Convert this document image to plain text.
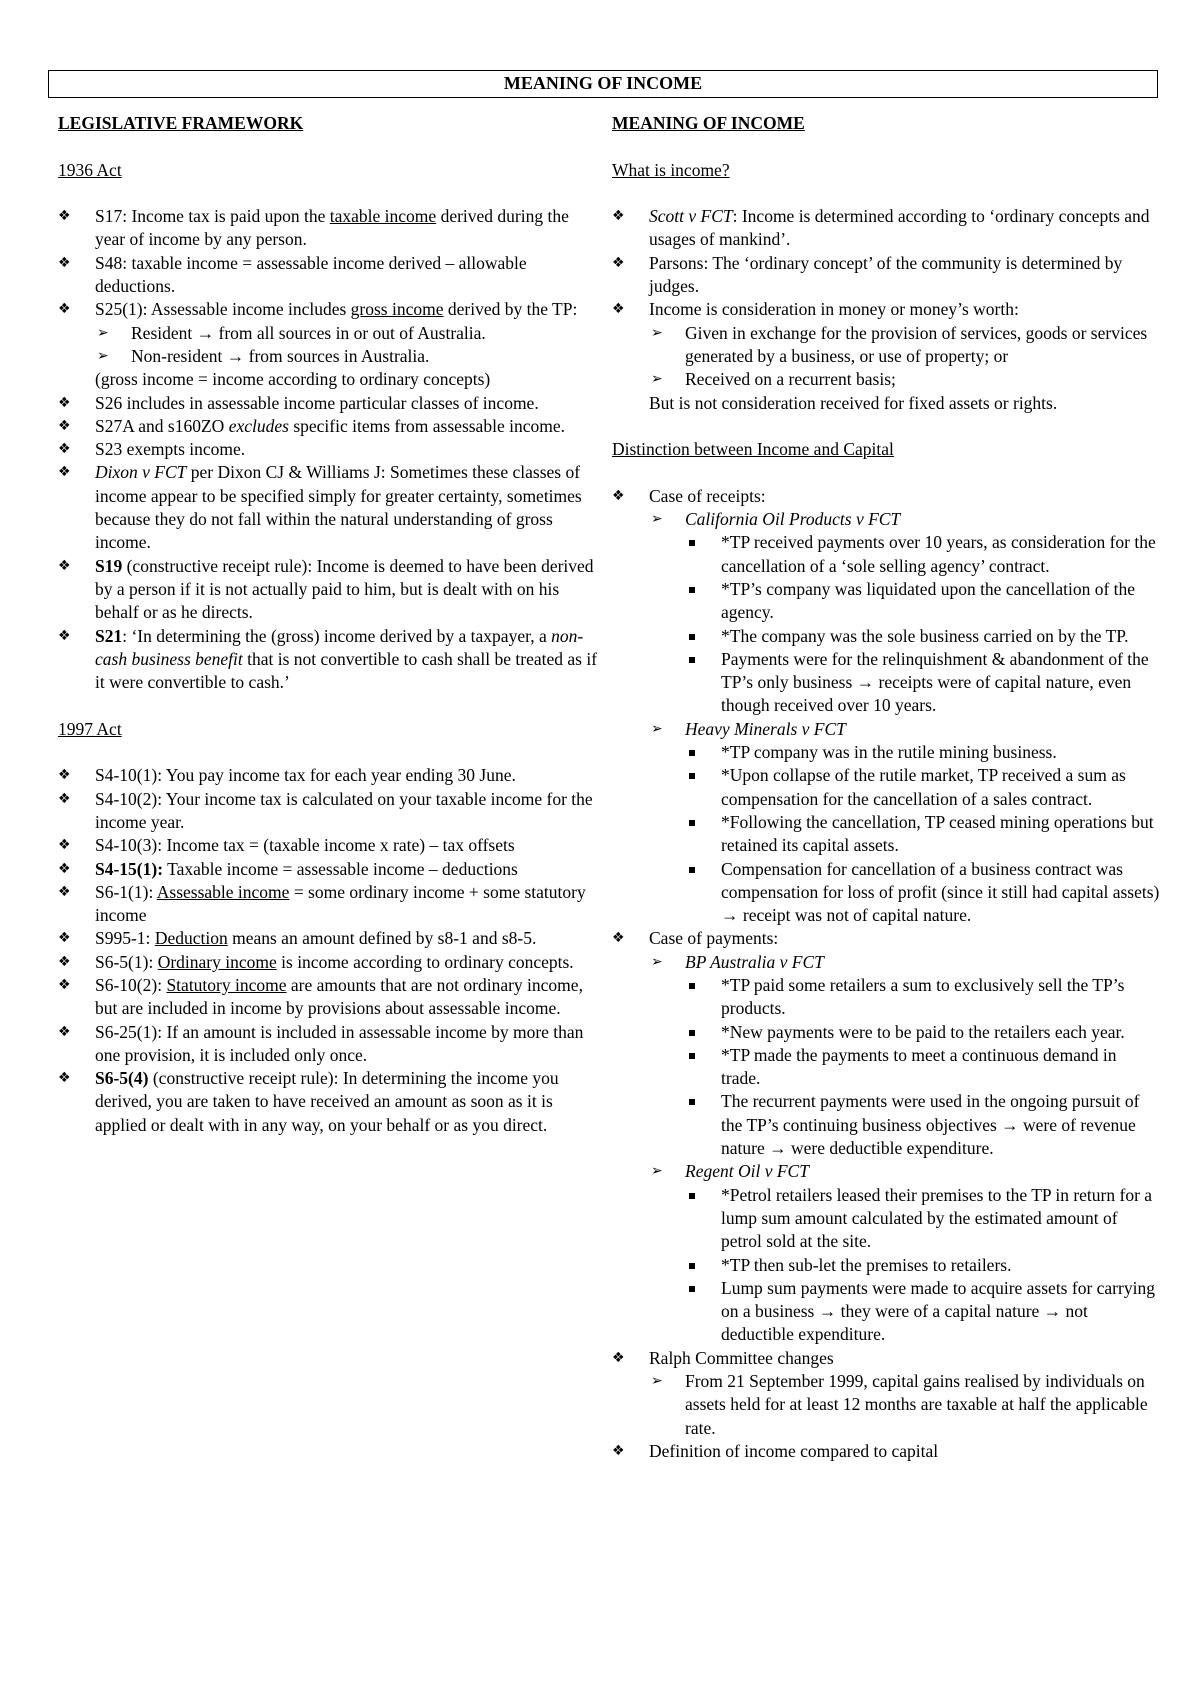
MEANING OF INCOME
LEGISLATIVE FRAMEWORK
1936 Act
❖ S17: Income tax is paid upon the taxable income derived during the year of income by any person.
❖ S48: taxable income = assessable income derived – allowable deductions.
❖ S25(1): Assessable income includes gross income derived by the TP:
➢ Resident → from all sources in or out of Australia.
➢ Non-resident → from sources in Australia.
(gross income = income according to ordinary concepts)
❖ S26 includes in assessable income particular classes of income.
❖ S27A and s160ZO excludes specific items from assessable income.
❖ S23 exempts income.
❖ Dixon v FCT per Dixon CJ & Williams J: Sometimes these classes of income appear to be specified simply for greater certainty, sometimes because they do not fall within the natural understanding of gross income.
❖ S19 (constructive receipt rule): Income is deemed to have been derived by a person if it is not actually paid to him, but is dealt with on his behalf or as he directs.
❖ S21: ‘In determining the (gross) income derived by a taxpayer, a non-cash business benefit that is not convertible to cash shall be treated as if it were convertible to cash.’
1997 Act
❖ S4-10(1): You pay income tax for each year ending 30 June.
❖ S4-10(2): Your income tax is calculated on your taxable income for the income year.
❖ S4-10(3): Income tax = (taxable income x rate) – tax offsets
❖ S4-15(1): Taxable income = assessable income – deductions
❖ S6-1(1): Assessable income = some ordinary income + some statutory income
❖ S995-1: Deduction means an amount defined by s8-1 and s8-5.
❖ S6-5(1): Ordinary income is income according to ordinary concepts.
❖ S6-10(2): Statutory income are amounts that are not ordinary income, but are included in income by provisions about assessable income.
❖ S6-25(1): If an amount is included in assessable income by more than one provision, it is included only once.
❖ S6-5(4) (constructive receipt rule): In determining the income you derived, you are taken to have received an amount as soon as it is applied or dealt with in any way, on your behalf or as you direct.
MEANING OF INCOME
What is income?
❖ Scott v FCT: Income is determined according to ‘ordinary concepts and usages of mankind’.
❖ Parsons: The ‘ordinary concept’ of the community is determined by judges.
❖ Income is consideration in money or money’s worth:
➢ Given in exchange for the provision of services, goods or services generated by a business, or use of property; or
➢ Received on a recurrent basis;
But is not consideration received for fixed assets or rights.
Distinction between Income and Capital
❖ Case of receipts:
➢ California Oil Products v FCT
*TP received payments over 10 years, as consideration for the cancellation of a ‘sole selling agency’ contract.
*TP’s company was liquidated upon the cancellation of the agency.
*The company was the sole business carried on by the TP.
Payments were for the relinquishment & abandonment of the TP’s only business → receipts were of capital nature, even though received over 10 years.
➢ Heavy Minerals v FCT
*TP company was in the rutile mining business.
*Upon collapse of the rutile market, TP received a sum as compensation for the cancellation of a sales contract.
*Following the cancellation, TP ceased mining operations but retained its capital assets.
Compensation for cancellation of a business contract was compensation for loss of profit (since it still had capital assets) → receipt was not of capital nature.
❖ Case of payments:
➢ BP Australia v FCT
*TP paid some retailers a sum to exclusively sell the TP’s products.
*New payments were to be paid to the retailers each year.
*TP made the payments to meet a continuous demand in trade.
The recurrent payments were used in the ongoing pursuit of the TP’s continuing business objectives → were of revenue nature → were deductible expenditure.
➢ Regent Oil v FCT
*Petrol retailers leased their premises to the TP in return for a lump sum amount calculated by the estimated amount of petrol sold at the site.
*TP then sub-let the premises to retailers.
Lump sum payments were made to acquire assets for carrying on a business → they were of a capital nature → not deductible expenditure.
❖ Ralph Committee changes
➢ From 21 September 1999, capital gains realised by individuals on assets held for at least 12 months are taxable at half the applicable rate.
❖ Definition of income compared to capital
